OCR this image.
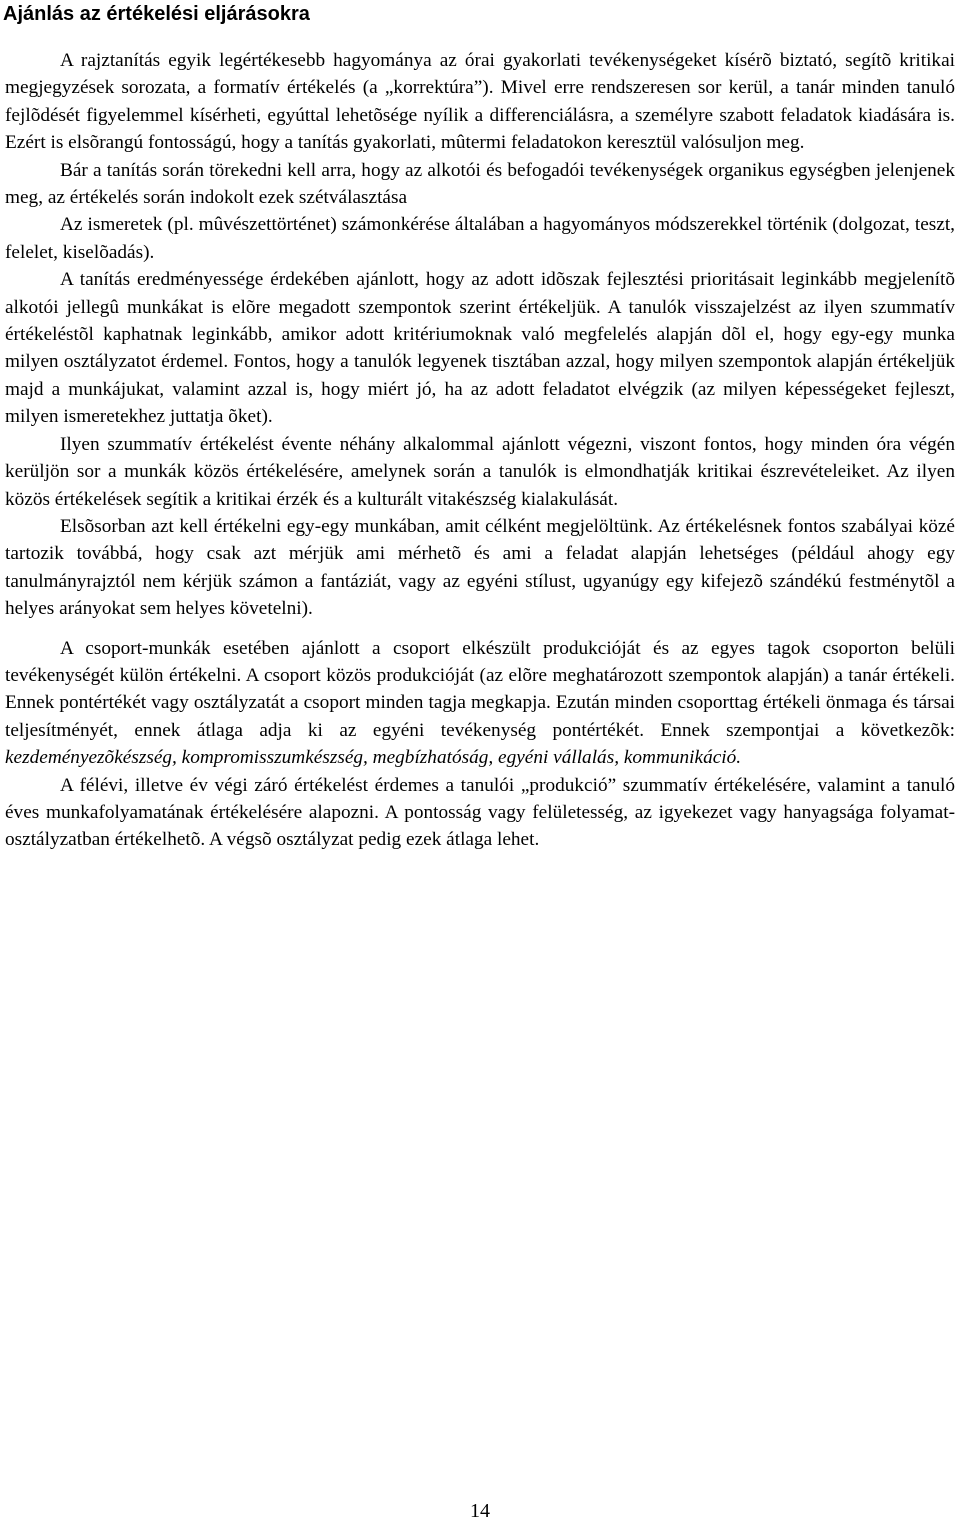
Ajánlás az értékelési eljárásokra

A rajztanítás egyik legértékesebb hagyománya az órai gyakorlati tevékenységeket kísérõ biztató, segítõ kritikai megjegyzések sorozata, a formatív értékelés (a „korrektúra”). Mivel erre rendszeresen sor kerül, a tanár minden tanuló fejlõdését figyelemmel kísérheti, egyúttal lehetõsége nyílik a differenciálásra, a személyre szabott feladatok kiadására is. Ezért is elsõrangú fontosságú, hogy a tanítás gyakorlati, mûtermi feladatokon keresztül valósuljon meg.

Bár a tanítás során törekedni kell arra, hogy az alkotói és befogadói tevékenységek organikus egységben jelenjenek meg, az értékelés során indokolt ezek szétválasztása

Az ismeretek (pl. mûvészettörténet) számonkérése általában a hagyományos módszerekkel történik (dolgozat, teszt, felelet, kiselõadás).

A tanítás eredményessége érdekében ajánlott, hogy az adott idõszak fejlesztési prioritásait leginkább megjelenítõ alkotói jellegû munkákat is elõre megadott szempontok szerint értékeljük. A tanulók visszajelzést az ilyen szummatív értékeléstõl kaphatnak leginkább, amikor adott kritériumoknak való megfelelés alapján dõl el, hogy egy-egy munka milyen osztályzatot érdemel. Fontos, hogy a tanulók legyenek tisztában azzal, hogy milyen szempontok alapján értékeljük majd a munkájukat, valamint azzal is, hogy miért jó, ha az adott feladatot elvégzik (az milyen képességeket fejleszt, milyen ismeretekhez juttatja õket).

Ilyen szummatív értékelést évente néhány alkalommal ajánlott végezni, viszont fontos, hogy minden óra végén kerüljön sor a munkák közös értékelésére, amelynek során a tanulók is elmondhatják kritikai észrevételeiket. Az ilyen közös értékelések segítik a kritikai érzék és a kulturált vitakészség kialakulását.

Elsõsorban azt kell értékelni egy-egy munkában, amit célként megjelöltünk. Az értékelésnek fontos szabályai közé tartozik továbbá, hogy csak azt mérjük ami mérhetõ és ami a feladat alapján lehetséges (például ahogy egy tanulmányrajztól nem kérjük számon a fantáziát, vagy az egyéni stílust, ugyanúgy egy kifejezõ szándékú festménytõl a helyes arányokat sem helyes követelni).

A csoport-munkák esetében ajánlott a csoport elkészült produkcióját és az egyes tagok csoporton belüli tevékenységét külön értékelni. A csoport közös produkcióját (az elõre meghatározott szempontok alapján) a tanár értékeli. Ennek pontértékét vagy osztályzatát a csoport minden tagja megkapja. Ezután minden csoporttag értékeli önmaga és társai teljesítményét, ennek átlaga adja ki az egyéni tevékenység pontértékét. Ennek szempontjai a következõk: kezdeményezõkészség, kompromisszumkészség, megbízhatóság, egyéni vállalás, kommunikáció.

A félévi, illetve év végi záró értékelést érdemes a tanulói „produkció” szummatív értékelésére, valamint a tanuló éves munkafolyamatának értékelésére alapozni. A pontosság vagy felületesség, az igyekezet vagy hanyagsága folyamat-osztályzatban értékelhetõ. A végsõ osztályzat pedig ezek átlaga lehet.

14
